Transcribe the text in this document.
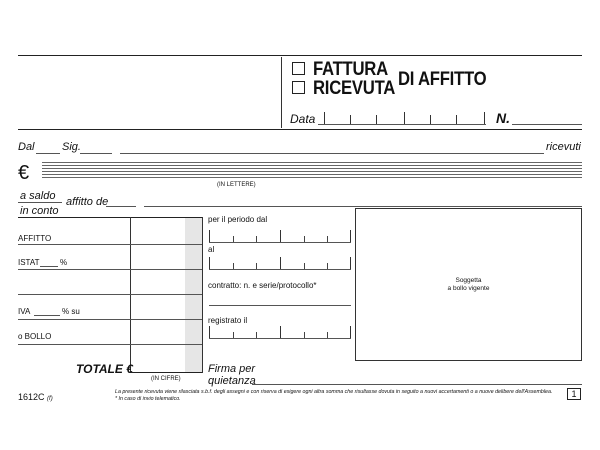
FATTURA
RICEVUTA DI AFFITTO
Data	N.
Dal Sig.	ricevuti
€
(IN LETTERE)
a saldo
in conto
affitto de
AFFITTO
ISTAT	%
IVA	% su
o BOLLO
TOTALE €
(IN CIFRE)
per il periodo dal
al
contratto: n. e serie/protocollo*
registrato il
Firma per
quietanza
Soggetta
a bollo vigente
1612C (f)
La presente ricevuta viene rilasciata s.b.f. degli assegni e con riserva di esigere ogni altra somma che risultasse dovuta in seguito a nuovi accertamenti o a nuove delibere dell'Assemblea.
* In caso di invio telematico.	1
